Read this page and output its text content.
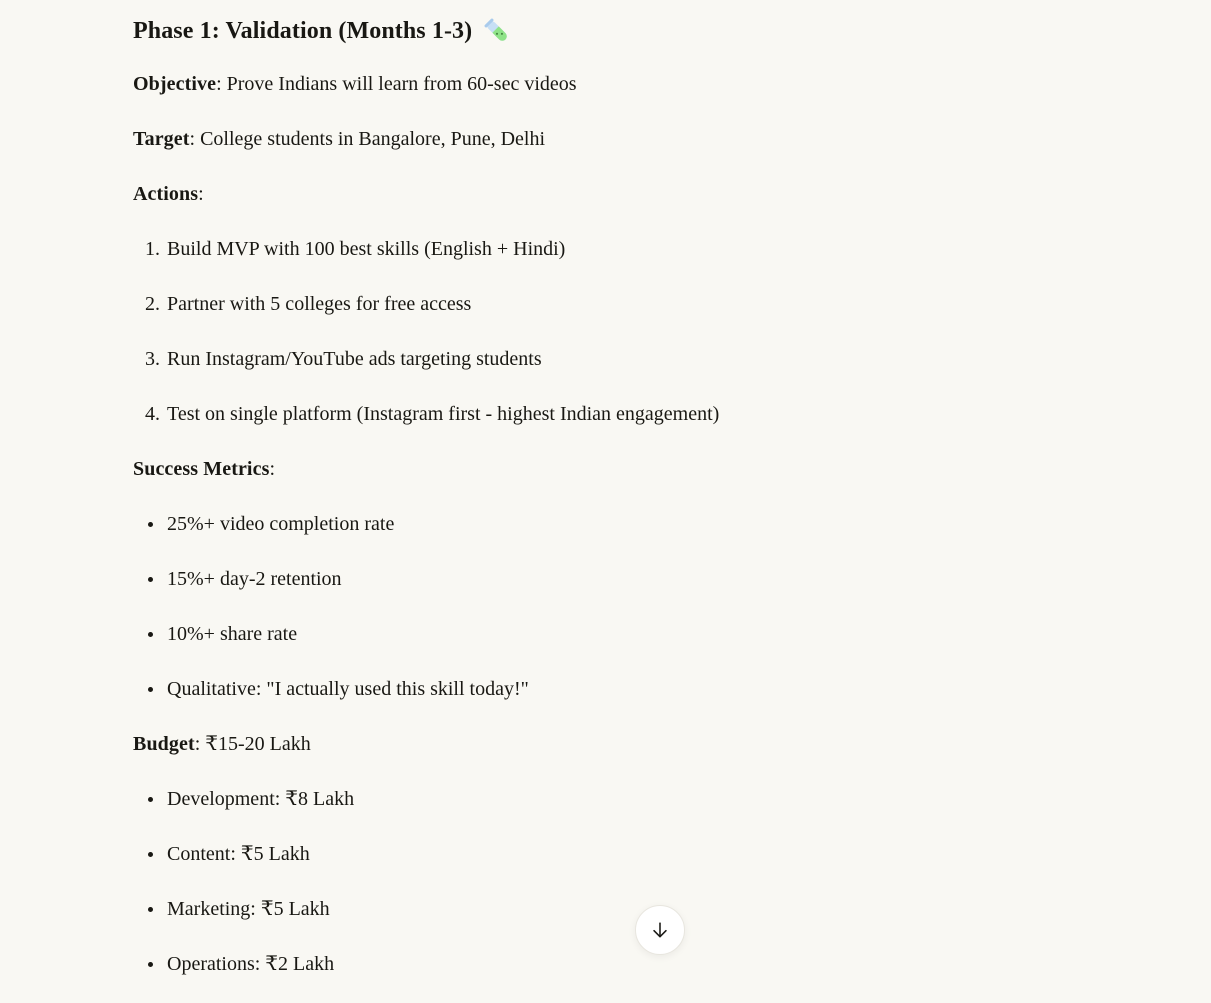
Phase 1: Validation (Months 1-3)

Objective: Prove Indians will learn from 60-sec videos

Target: College students in Bangalore, Pune, Delhi

Actions:

1. Build MVP with 100 best skills (English + Hindi)
2. Partner with 5 colleges for free access
3. Run Instagram/YouTube ads targeting students
4. Test on single platform (Instagram first - highest Indian engagement)

Success Metrics:

• 25%+ video completion rate
• 15%+ day-2 retention
• 10%+ share rate
• Qualitative: "I actually used this skill today!"

Budget: ₹15-20 Lakh

• Development: ₹8 Lakh
• Content: ₹5 Lakh
• Marketing: ₹5 Lakh
• Operations: ₹2 Lakh
